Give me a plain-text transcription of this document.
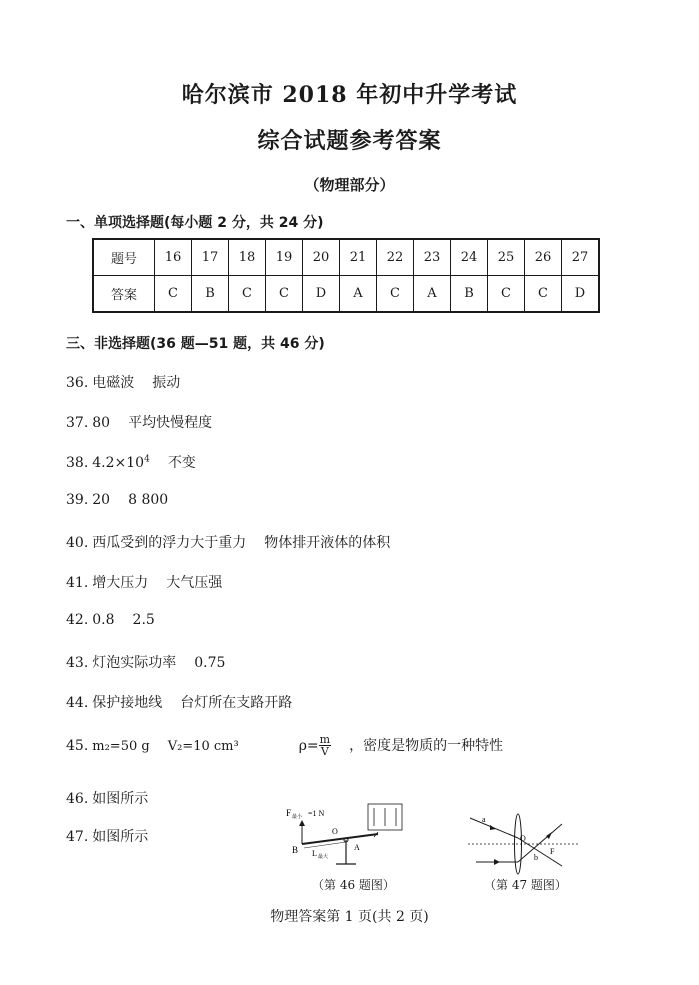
哈尔滨市 2018 年初中升学考试
综合试题参考答案
（物理部分）
一、单项选择题(每小题 2 分，共 24 分)
题号	16	17	18	19	20	21	22	23	24	25	26	27
答案	C	B	C	C	D	A	C	A	B	C	C	D
三、非选择题(36 题—51 题，共 46 分)
36. 电磁波 振动
37. 80 平均快慢程度
38. $4.2\times 10^4$ 不变
39. 20 8 800
40. 西瓜受到的浮力大于重力 物体排开液体的体积
41. 增大压力 大气压强
42. 0.8 2.5
43. 灯泡实际功率 0.75
44. 保护接地线 台灯所在支路开路
45. m₂=50 g V₂=10 cm³	$\rho= \frac{m}{V}$ ，密度是物质的一种特性
46. 如图所示
47. 如图所示
F 最小 =1 N
O
A
B L 最大
（第 46 题图）
a
O
F
b
（第 47 题图）
物理答案第 1 页(共 2 页)
